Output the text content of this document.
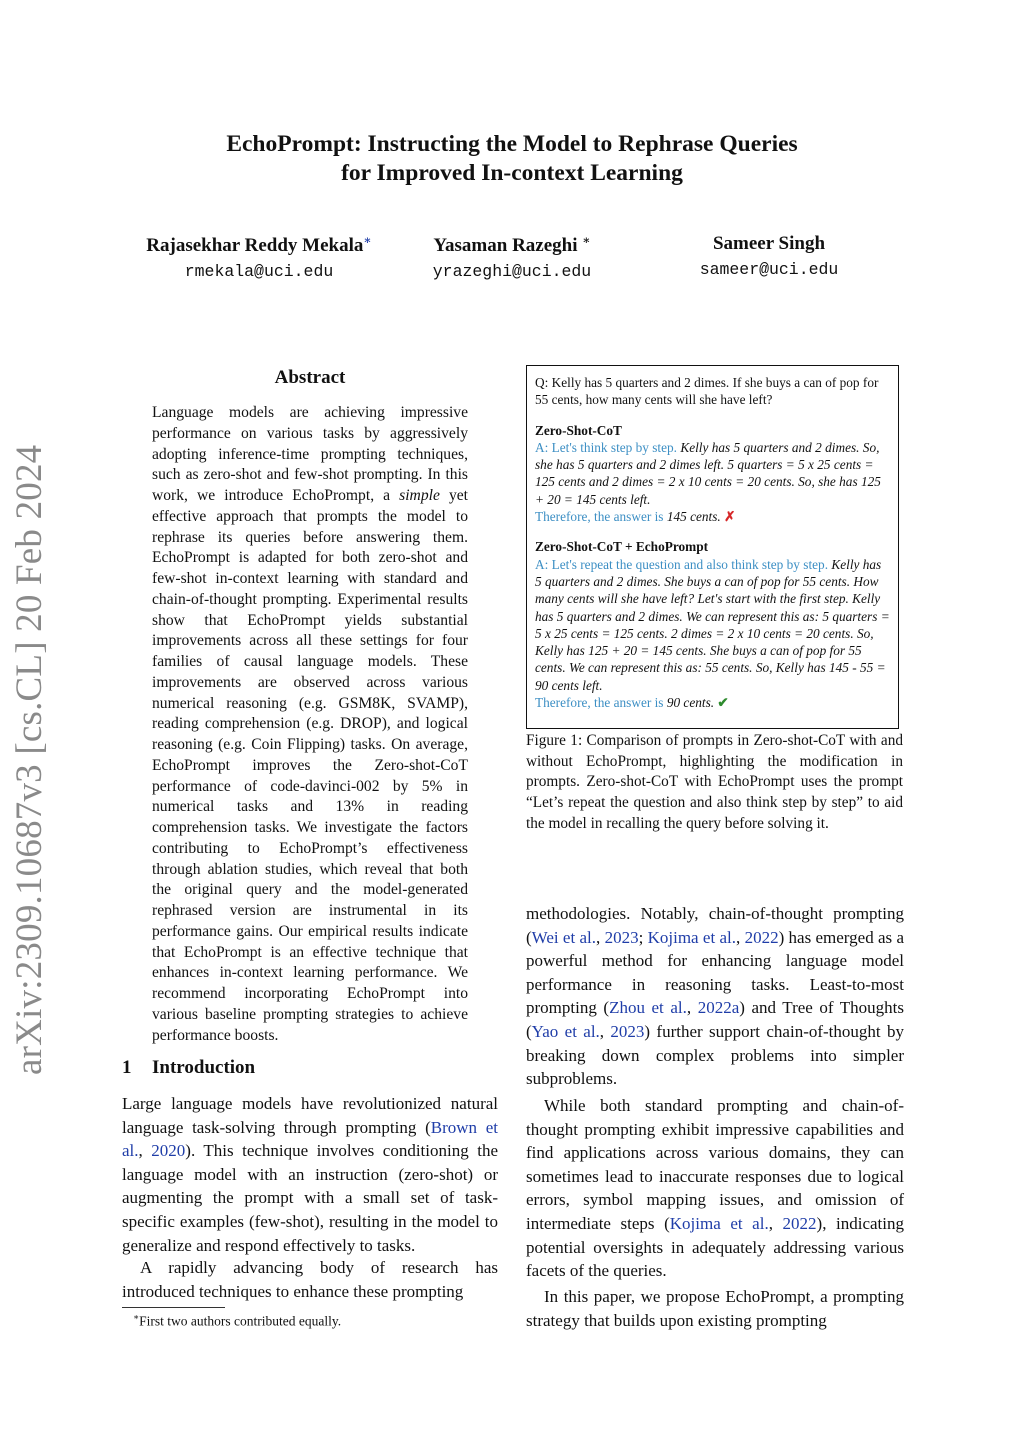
arXiv:2309.10687v3 [cs.CL] 20 Feb 2024
EchoPrompt: Instructing the Model to Rephrase Queries
for Improved In-context Learning
Rajasekhar Reddy Mekala∗
rmekala@uci.edu
Yasaman Razeghi ∗
yrazeghi@uci.edu
Sameer Singh
sameer@uci.edu
Abstract
Language models are achieving impressive performance on various tasks by aggressively adopting inference-time prompting techniques, such as zero-shot and few-shot prompting. In this work, we introduce EchoPrompt, a simple yet effective approach that prompts the model to rephrase its queries before answering them. EchoPrompt is adapted for both zero-shot and few-shot in-context learning with standard and chain-of-thought prompting. Experimental results show that EchoPrompt yields substantial improvements across all these settings for four families of causal language models. These improvements are observed across various numerical reasoning (e.g. GSM8K, SVAMP), reading comprehension (e.g. DROP), and logical reasoning (e.g. Coin Flipping) tasks. On average, EchoPrompt improves the Zero-shot-CoT performance of code-davinci-002 by 5% in numerical tasks and 13% in reading comprehension tasks. We investigate the factors contributing to EchoPrompt’s effectiveness through ablation studies, which reveal that both the original query and the model-generated rephrased version are instrumental in its performance gains. Our empirical results indicate that EchoPrompt is an effective technique that enhances in-context learning performance. We recommend incorporating EchoPrompt into various baseline prompting strategies to achieve performance boosts.
1 Introduction
Large language models have revolutionized natural language task-solving through prompting (Brown et al., 2020). This technique involves conditioning the language model with an instruction (zero-shot) or augmenting the prompt with a small set of task-specific examples (few-shot), resulting in the model to generalize and respond effectively to tasks.
A rapidly advancing body of research has introduced techniques to enhance these prompting
∗First two authors contributed equally.
Q: Kelly has 5 quarters and 2 dimes. If she buys a can of pop for 55 cents, how many cents will she have left?
Zero-Shot-CoT
A: Let's think step by step. Kelly has 5 quarters and 2 dimes. So, she has 5 quarters and 2 dimes left. 5 quarters = 5 x 25 cents = 125 cents and 2 dimes = 2 x 10 cents = 20 cents. So, she has 125 + 20 = 145 cents left.
Therefore, the answer is 145 cents. ✗
Zero-Shot-CoT + EchoPrompt
A: Let's repeat the question and also think step by step. Kelly has 5 quarters and 2 dimes. She buys a can of pop for 55 cents. How many cents will she have left? Let's start with the first step. Kelly has 5 quarters and 2 dimes. We can represent this as: 5 quarters = 5 x 25 cents = 125 cents. 2 dimes = 2 x 10 cents = 20 cents. So, Kelly has 125 + 20 = 145 cents. She buys a can of pop for 55 cents. We can represent this as: 55 cents. So, Kelly has 145 - 55 = 90 cents left.
Therefore, the answer is 90 cents. ✔
Figure 1: Comparison of prompts in Zero-shot-CoT with and without EchoPrompt, highlighting the modification in prompts. Zero-shot-CoT with EchoPrompt uses the prompt “Let’s repeat the question and also think step by step” to aid the model in recalling the query before solving it.
methodologies. Notably, chain-of-thought prompting (Wei et al., 2023; Kojima et al., 2022) has emerged as a powerful method for enhancing language model performance in reasoning tasks. Least-to-most prompting (Zhou et al., 2022a) and Tree of Thoughts (Yao et al., 2023) further support chain-of-thought by breaking down complex problems into simpler subproblems.
While both standard prompting and chain-of-thought prompting exhibit impressive capabilities and find applications across various domains, they can sometimes lead to inaccurate responses due to logical errors, symbol mapping issues, and omission of intermediate steps (Kojima et al., 2022), indicating potential oversights in adequately addressing various facets of the queries.
In this paper, we propose EchoPrompt, a prompting strategy that builds upon existing prompting
